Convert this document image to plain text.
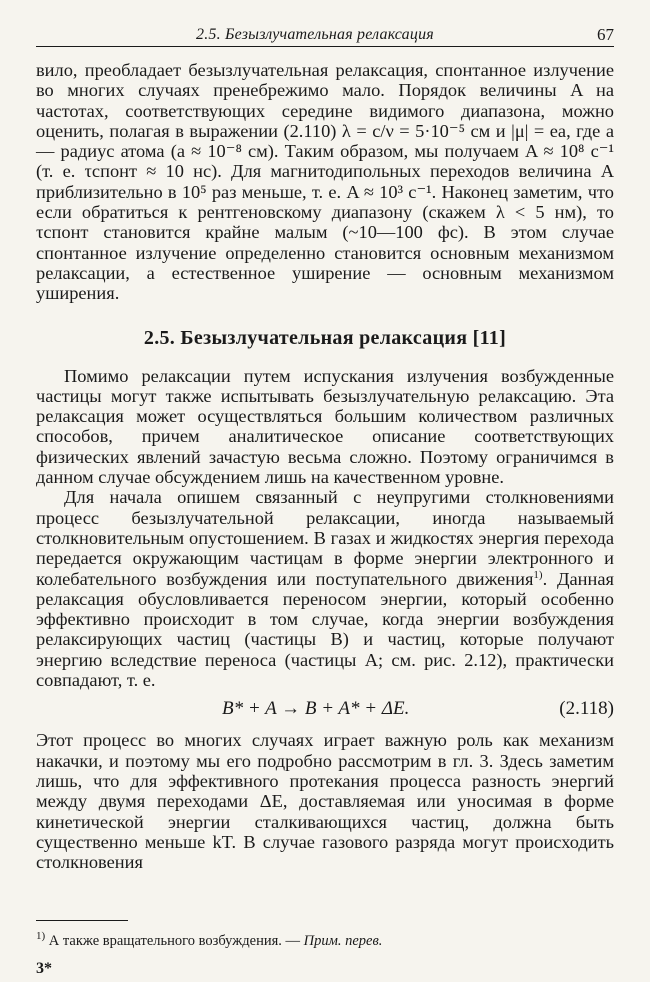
2.5. Безызлучательная релаксация	67

вило, преобладает безызлучательная релаксация, спонтанное излучение во многих случаях пренебрежимо мало. Порядок величины A на частотах, соответствующих середине видимого диапазона, можно оценить, полагая в выражении (2.110) λ = c/ν = 5·10⁻⁵ см и |μ| = ea, где a — радиус атома (a ≈ 10⁻⁸ см). Таким образом, мы получаем A ≈ 10⁸ с⁻¹ (т. е. τспонт ≈ 10 нс). Для магнитодипольных переходов величина A приблизительно в 10⁵ раз меньше, т. е. A ≈ 10³ с⁻¹. Наконец заметим, что если обратиться к рентгеновскому диапазону (скажем λ < 5 нм), то τспонт становится крайне малым (~10—100 фс). В этом случае спонтанное излучение определенно становится основным механизмом релаксации, а естественное уширение — основным механизмом уширения.

2.5. Безызлучательная релаксация [11]

Помимо релаксации путем испускания излучения возбужденные частицы могут также испытывать безызлучательную релаксацию. Эта релаксация может осуществляться большим количеством различных способов, причем аналитическое описание соответствующих физических явлений зачастую весьма сложно. Поэтому ограничимся в данном случае обсуждением лишь на качественном уровне.

Для начала опишем связанный с неупругими столкновениями процесс безызлучательной релаксации, иногда называемый столкновительным опустошением. В газах и жидкостях энергия перехода передается окружающим частицам в форме энергии электронного и колебательного возбуждения или поступательного движения$^{1)}$. Данная релаксация обусловливается переносом энергии, который особенно эффективно происходит в том случае, когда энергии возбуждения релаксирующих частиц (частицы B) и частиц, которые получают энергию вследствие переноса (частицы A; см. рис. 2.12), практически совпадают, т. е.

B* + A → B + A* + ΔE.	(2.118)

Этот процесс во многих случаях играет важную роль как механизм накачки, и поэтому мы его подробно рассмотрим в гл. 3. Здесь заметим лишь, что для эффективного протекания процесса разность энергий между двумя переходами ΔE, доставляемая или уносимая в форме кинетической энергии сталкивающихся частиц, должна быть существенно меньше kT. В случае газового разряда могут происходить столкновения

$^{1)}$ А также вращательного возбуждения. — Прим. перев.
3*
